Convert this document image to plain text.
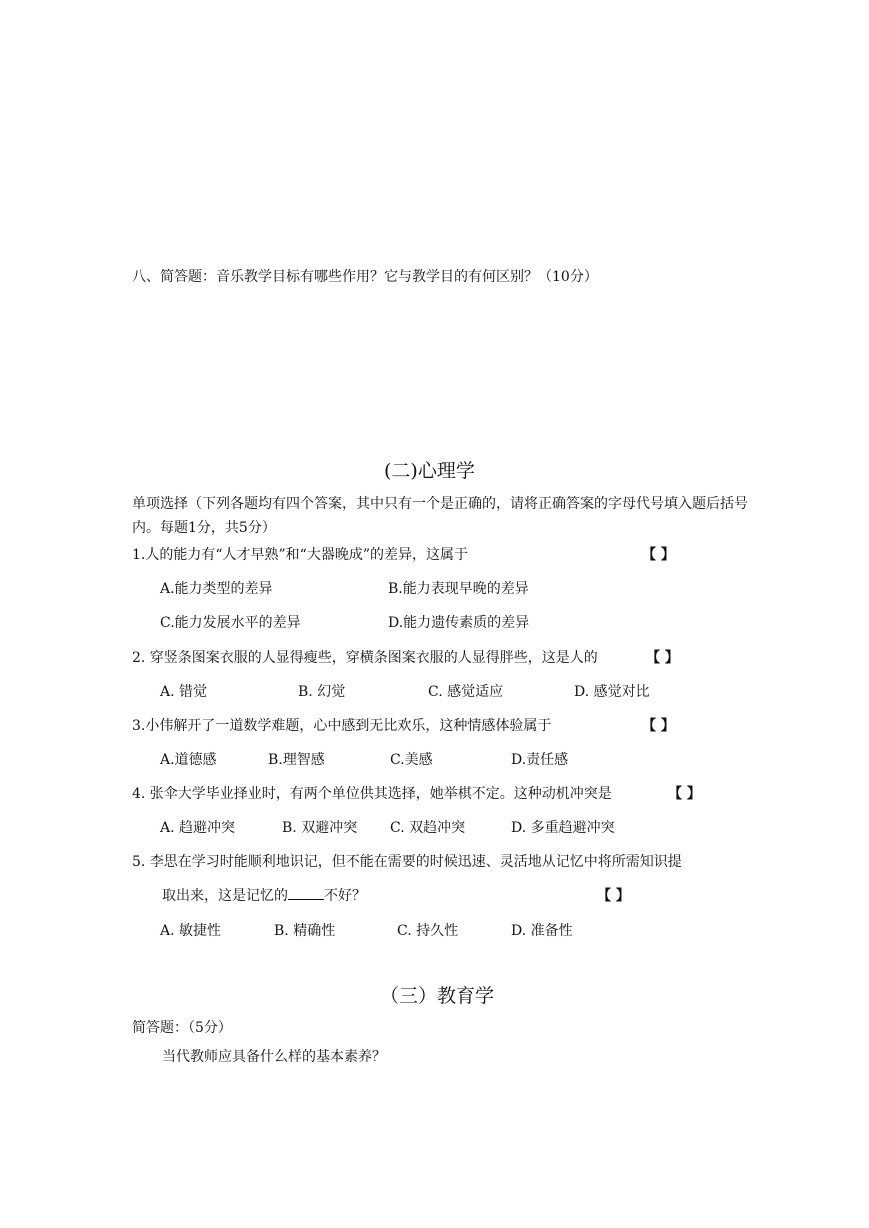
八、简答题：音乐教学目标有哪些作用？它与教学目的有何区别？（10分）
(二)心理学
单项选择（下列各题均有四个答案，其中只有一个是正确的，请将正确答案的字母代号填入题后括号内。每题1分，共5分）
1.人的能力有“人才早熟”和“大器晚成”的差异，这属于	【 】
A.能力类型的差异	B.能力表现早晚的差异
C.能力发展水平的差异	D.能力遗传素质的差异
2. 穿竖条图案衣服的人显得瘦些，穿横条图案衣服的人显得胖些，这是人的	【 】
A. 错觉	B. 幻觉	C. 感觉适应	D. 感觉对比
3.小伟解开了一道数学难题，心中感到无比欢乐，这种情感体验属于	【 】
A.道德感	B.理智感	C.美感	D.责任感
4. 张伞大学毕业择业时，有两个单位供其选择，她举棋不定。这种动机冲突是	【 】
A. 趋避冲突	B. 双避冲突 C. 双趋冲突	D. 多重趋避冲突
5. 李思在学习时能顺利地识记，但不能在需要的时候迅速、灵活地从记忆中将所需知识提
取出来，这是记忆的	不好？	【 】
A. 敏捷性	B. 精确性	C. 持久性	D. 准备性
（三）教育学
简答题：（5分）
当代教师应具备什么样的基本素养？
